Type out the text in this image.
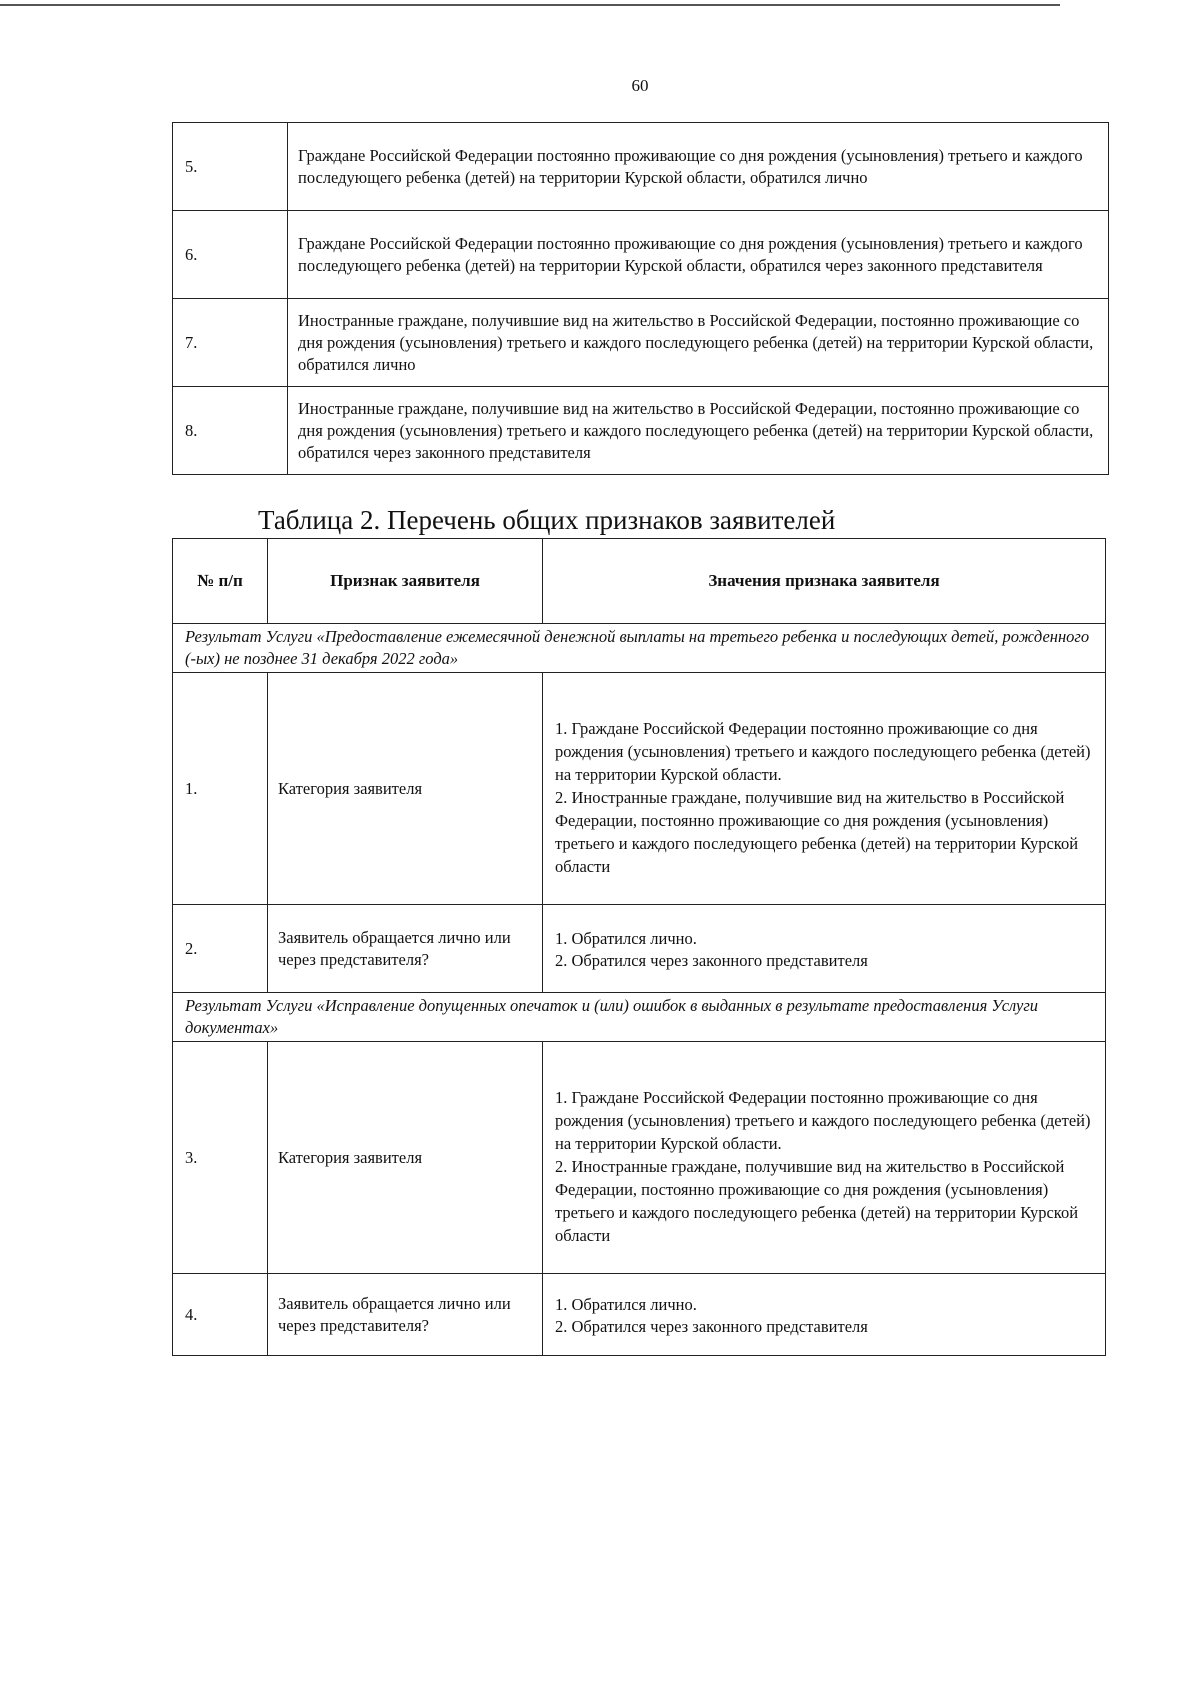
60
5.	Граждане Российской Федерации постоянно проживающие со дня рождения (усыновления) третьего и каждого последующего ребенка (детей) на территории Курской области, обратился лично
6.	Граждане Российской Федерации постоянно проживающие со дня рождения (усыновления) третьего и каждого последующего ребенка (детей) на территории Курской области, обратился через законного представителя
7.	Иностранные граждане, получившие вид на жительство в Российской Федерации, постоянно проживающие со дня рождения (усыновления) третьего и каждого последующего ребенка (детей) на территории Курской области, обратился лично
8.	Иностранные граждане, получившие вид на жительство в Российской Федерации, постоянно проживающие со дня рождения (усыновления) третьего и каждого последующего ребенка (детей) на территории Курской области, обратился через законного представителя
Таблица 2. Перечень общих признаков заявителей
№ п/п	Признак заявителя	Значения признака заявителя
Результат Услуги «Предоставление ежемесячной денежной выплаты на третьего ребенка и последующих детей, рожденного (-ых) не позднее 31 декабря 2022 года»		
1.	Категория заявителя	1. Граждане Российской Федерации постоянно проживающие со дня рождения (усыновления) третьего и каждого последующего ребенка (детей) на территории Курской области.
2. Иностранные граждане, получившие вид на жительство в Российской Федерации, постоянно проживающие со дня рождения (усыновления) третьего и каждого последующего ребенка (детей) на территории Курской области

2.	Заявитель обращается лично или через представителя?	1. Обратился лично.
2. Обратился через законного представителя

Результат Услуги «Исправление допущенных опечаток и (или) ошибок в выданных в результате предоставления Услуги документах»		
3.	Категория заявителя	1. Граждане Российской Федерации постоянно проживающие со дня рождения (усыновления) третьего и каждого последующего ребенка (детей) на территории Курской области.
2. Иностранные граждане, получившие вид на жительство в Российской Федерации, постоянно проживающие со дня рождения (усыновления) третьего и каждого последующего ребенка (детей) на территории Курской области

4.	Заявитель обращается лично или через представителя?	1. Обратился лично.
2. Обратился через законного представителя
